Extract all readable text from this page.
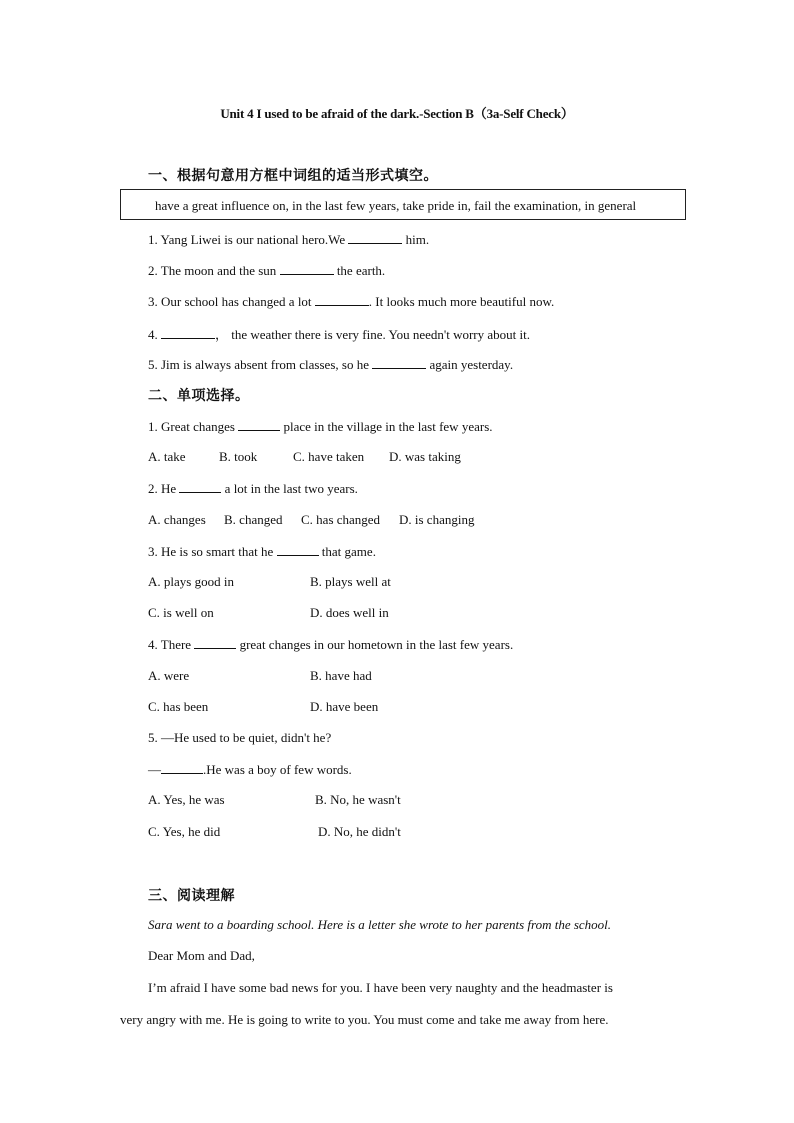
Unit 4 I used to be afraid of the dark.-Section B（3a-Self Check）
一、根据句意用方框中词组的适当形式填空。
have a great influence on, in the last few years, take pride in, fail the examination, in general
1. Yang Liwei is our national hero.We	him.
2. The moon and the sun	the earth.
3. Our school has changed a lot	. It looks much more beautiful now.
4.	， the weather there is very fine. You needn't worry about it.
5. Jim is always absent from classes, so he	again yesterday.
二、单项选择。
1. Great changes	place in the village in the last few years.
A. take	B. took	C. have taken D. was taking
2. He	a lot in the last two years.
A. changes B. changed C. has changed D. is changing
3. He is so smart that he	that game.
A. plays good in	B. plays well at
C. is well on	D. does well in
4. There	great changes in our hometown in the last few years.
A. were	B. have had
C. has been	D. have been
5. —He used to be quiet, didn't he?
—	.He was a boy of few words.
A. Yes, he was	B. No, he wasn't
C. Yes, he did	D. No, he didn't
三、阅读理解
Sara went to a boarding school. Here is a letter she wrote to her parents from the school.
Dear Mom and Dad,
I’m afraid I have some bad news for you. I have been very naughty and the headmaster is
very angry with me. He is going to write to you. You must come and take me away from here.
